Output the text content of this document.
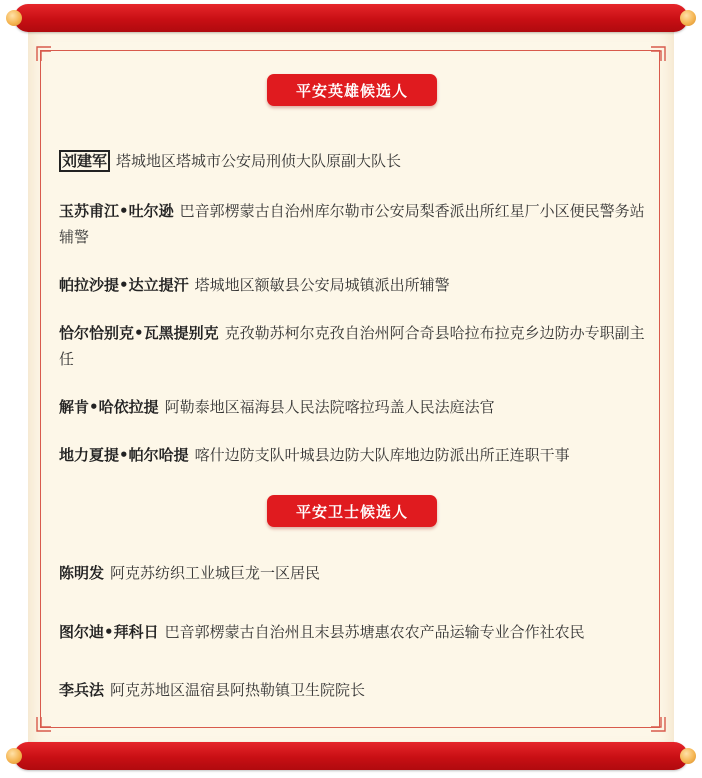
平安英雄候选人
刘建军 塔城地区塔城市公安局刑侦大队原副大队长
玉苏甫江•吐尔逊 巴音郭楞蒙古自治州库尔勒市公安局梨香派出所红星厂小区便民警务站辅警
帕拉沙提•达立提汗 塔城地区额敏县公安局城镇派出所辅警
恰尔恰别克•瓦黑提别克 克孜勒苏柯尔克孜自治州阿合奇县哈拉布拉克乡边防办专职副主任
解肯•哈依拉提 阿勒泰地区福海县人民法院喀拉玛盖人民法庭法官
地力夏提•帕尔哈提 喀什边防支队叶城县边防大队库地边防派出所正连职干事
平安卫士候选人
陈明发 阿克苏纺织工业城巨龙一区居民
图尔迪•拜科日 巴音郭楞蒙古自治州且末县苏塘惠农农产品运输专业合作社农民
李兵法 阿克苏地区温宿县阿热勒镇卫生院院长
